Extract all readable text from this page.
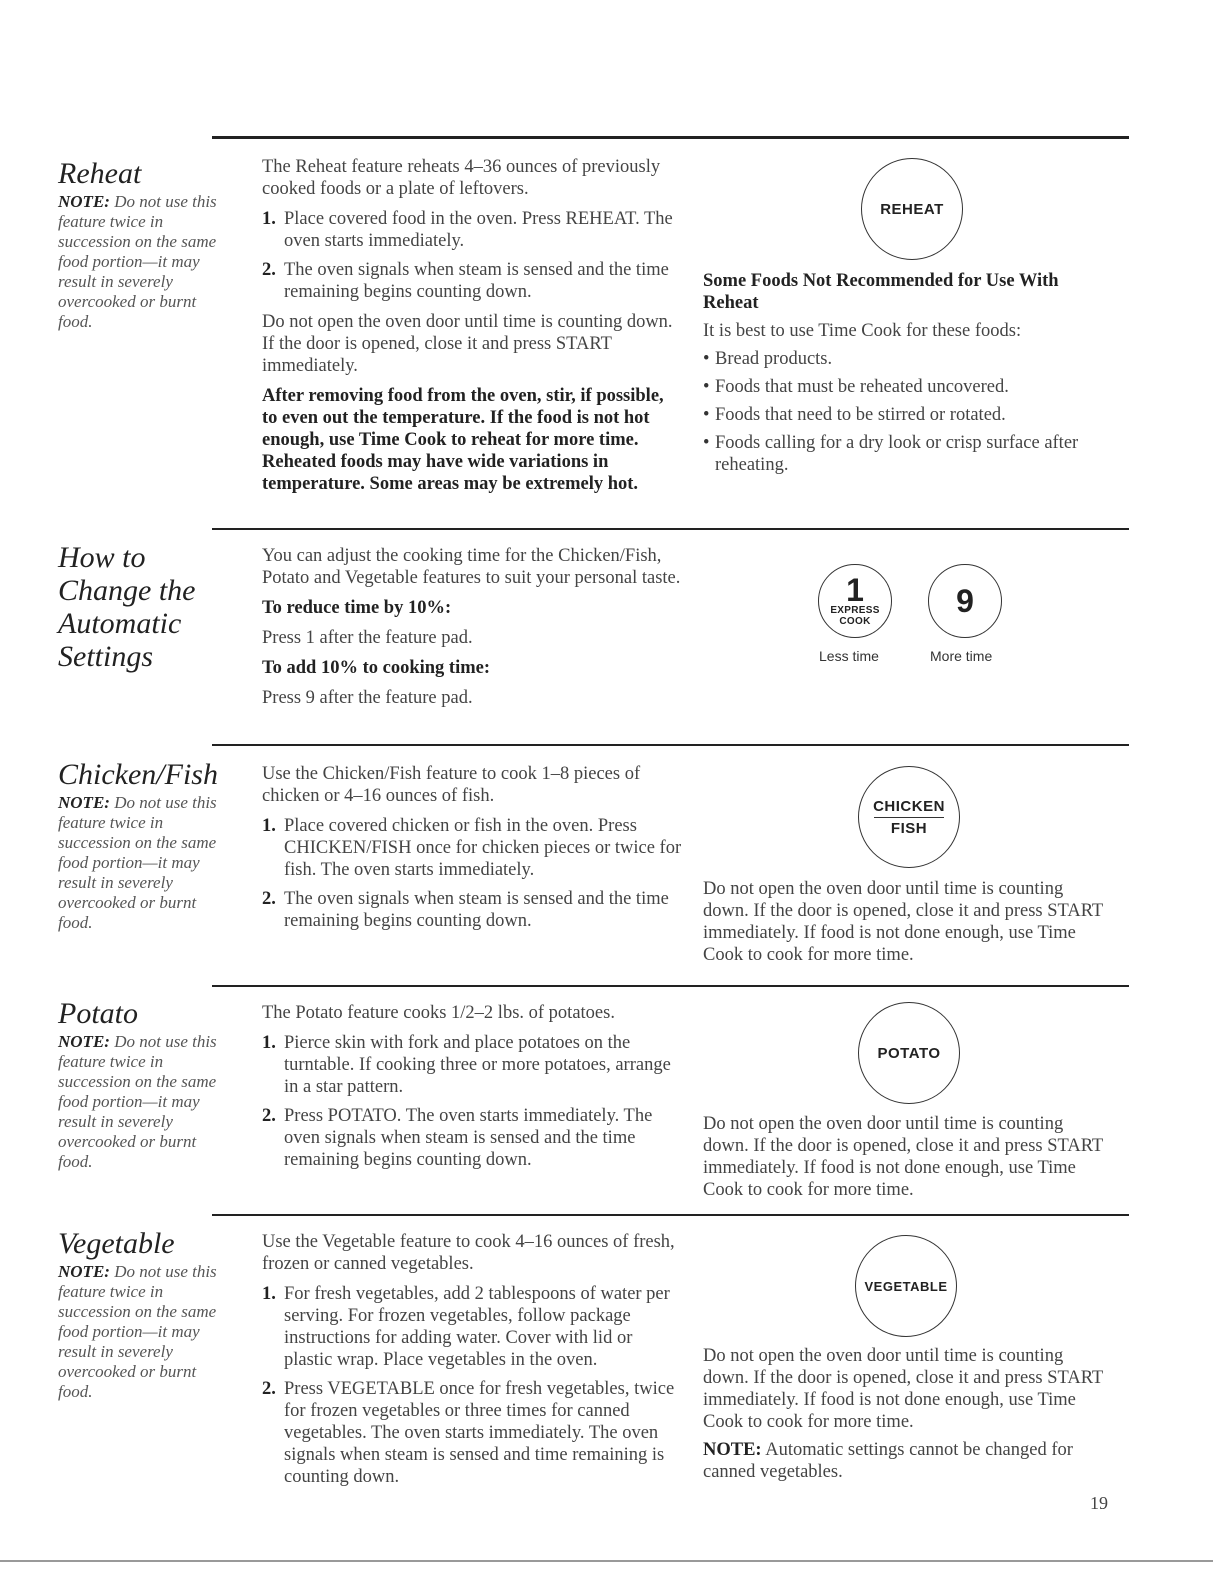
Reheat
NOTE: Do not use this feature twice in succession on the same food portion—it may result in severely overcooked or burnt food.

The Reheat feature reheats 4–36 ounces of previously cooked foods or a plate of leftovers.

1. Place covered food in the oven. Press REHEAT. The oven starts immediately.
2. The oven signals when steam is sensed and the time remaining begins counting down.

Do not open the oven door until time is counting down. If the door is opened, close it and press START immediately.

After removing food from the oven, stir, if possible, to even out the temperature. If the food is not hot enough, use Time Cook to reheat for more time. Reheated foods may have wide variations in temperature. Some areas may be extremely hot.

REHEAT

Some Foods Not Recommended for Use With Reheat

It is best to use Time Cook for these foods:

• Bread products.
• Foods that must be reheated uncovered.
• Foods that need to be stirred or rotated.
• Foods calling for a dry look or crisp surface after reheating.
How to Change the Automatic Settings

You can adjust the cooking time for the Chicken/Fish, Potato and Vegetable features to suit your personal taste.

To reduce time by 10%:

Press 1 after the feature pad.

To add 10% to cooking time:

Press 9 after the feature pad.

1
EXPRESS
COOK
9
Less time	More time
Chicken/Fish
NOTE: Do not use this feature twice in succession on the same food portion—it may result in severely overcooked or burnt food.

Use the Chicken/Fish feature to cook 1–8 pieces of chicken or 4–16 ounces of fish.

1. Place covered chicken or fish in the oven. Press CHICKEN/FISH once for chicken pieces or twice for fish. The oven starts immediately.
2. The oven signals when steam is sensed and the time remaining begins counting down.
CHICKEN
FISH
Do not open the oven door until time is counting down. If the door is opened, close it and press START immediately. If food is not done enough, use Time Cook to cook for more time.
Potato
NOTE: Do not use this feature twice in succession on the same food portion—it may result in severely overcooked or burnt food.

The Potato feature cooks 1/2–2 lbs. of potatoes.

1. Pierce skin with fork and place potatoes on the turntable. If cooking three or more potatoes, arrange in a star pattern.
2. Press POTATO. The oven starts immediately. The oven signals when steam is sensed and the time remaining begins counting down.
POTATO
Do not open the oven door until time is counting down. If the door is opened, close it and press START immediately. If food is not done enough, use Time Cook to cook for more time.
Vegetable
NOTE: Do not use this feature twice in succession on the same food portion—it may result in severely overcooked or burnt food.

Use the Vegetable feature to cook 4–16 ounces of fresh, frozen or canned vegetables.

1. For fresh vegetables, add 2 tablespoons of water per serving. For frozen vegetables, follow package instructions for adding water. Cover with lid or plastic wrap. Place vegetables in the oven.
2. Press VEGETABLE once for fresh vegetables, twice for frozen vegetables or three times for canned vegetables. The oven starts immediately. The oven signals when steam is sensed and time remaining is counting down.
VEGETABLE

Do not open the oven door until time is counting down. If the door is opened, close it and press START immediately. If food is not done enough, use Time Cook to cook for more time.

NOTE: Automatic settings cannot be changed for canned vegetables.

19
